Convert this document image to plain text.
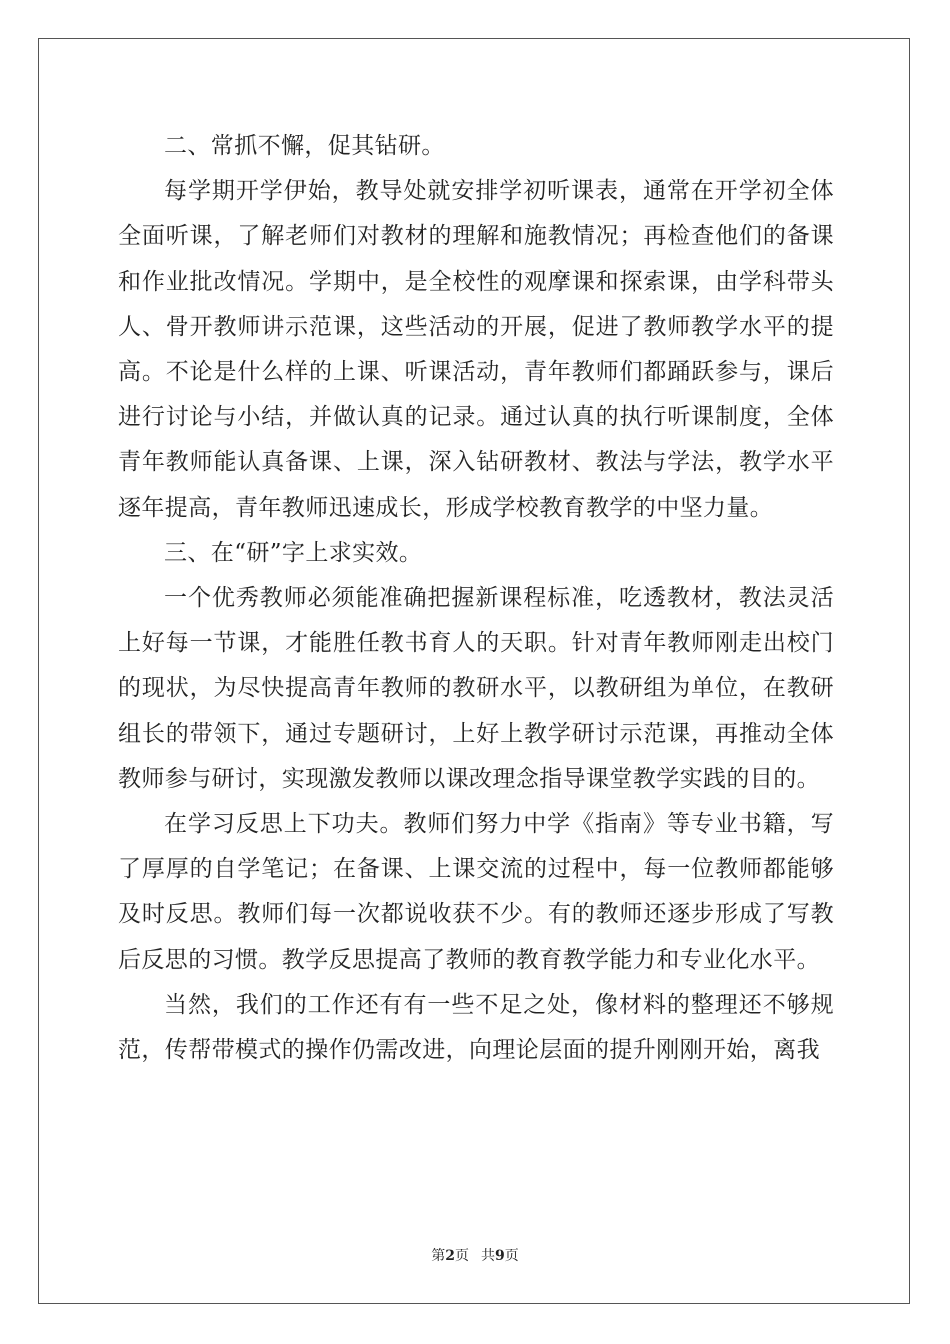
二、常抓不懈，促其钻研。

每学期开学伊始，教导处就安排学初听课表，通常在开学初全体全面听课，了解老师们对教材的理解和施教情况；再检查他们的备课和作业批改情况。学期中，是全校性的观摩课和探索课，由学科带头人、骨开教师讲示范课，这些活动的开展，促进了教师教学水平的提高。不论是什么样的上课、听课活动，青年教师们都踊跃参与，课后进行讨论与小结，并做认真的记录。通过认真的执行听课制度，全体青年教师能认真备课、上课，深入钻研教材、教法与学法，教学水平逐年提高，青年教师迅速成长，形成学校教育教学的中坚力量。

三、在“研”字上求实效。

一个优秀教师必须能准确把握新课程标准，吃透教材，教法灵活上好每一节课，才能胜任教书育人的天职。针对青年教师刚走出校门的现状，为尽快提高青年教师的教研水平，以教研组为单位，在教研组长的带领下，通过专题研讨，上好上教学研讨示范课，再推动全体教师参与研讨，实现激发教师以课改理念指导课堂教学实践的目的。

在学习反思上下功夫。教师们努力中学《指南》等专业书籍，写了厚厚的自学笔记；在备课、上课交流的过程中，每一位教师都能够及时反思。教师们每一次都说收获不少。有的教师还逐步形成了写教后反思的习惯。教学反思提高了教师的教育教学能力和专业化水平。

当然，我们的工作还有有一些不足之处，像材料的整理还不够规范，传帮带模式的操作仍需改进，向理论层面的提升刚刚开始，离我

第2页 共9页
